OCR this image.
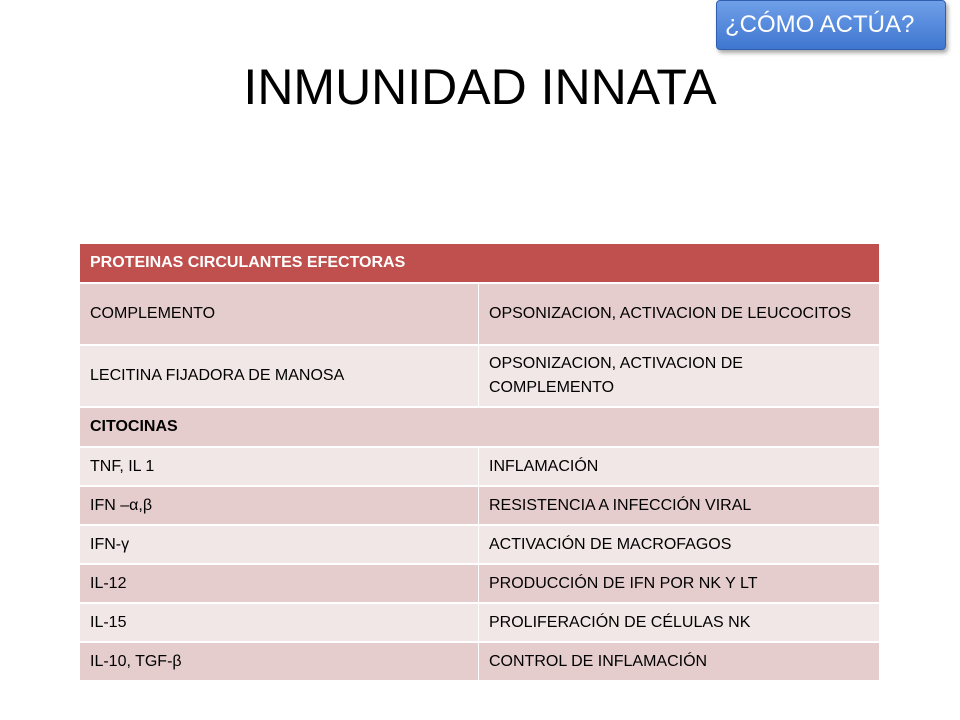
¿CÓMO ACTÚA?
INMUNIDAD INNATA
PROTEINAS CIRCULANTES EFECTORAS	
COMPLEMENTO	OPSONIZACION, ACTIVACION DE LEUCOCITOS
LECITINA FIJADORA DE MANOSA	OPSONIZACION, ACTIVACION DE COMPLEMENTO
CITOCINAS	
TNF, IL 1	INFLAMACIÓN
IFN –α,β	RESISTENCIA A INFECCIÓN VIRAL
IFN-γ	ACTIVACIÓN DE MACROFAGOS
IL-12	PRODUCCIÓN DE IFN POR NK Y LT
IL-15	PROLIFERACIÓN DE CÉLULAS NK
IL-10, TGF-β	CONTROL DE INFLAMACIÓN
